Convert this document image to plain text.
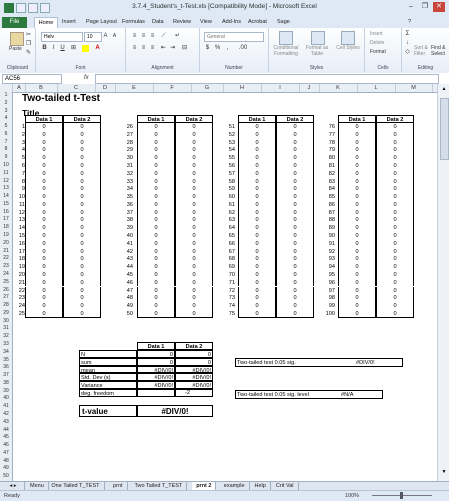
3.7.4_Student's_t-Test.xls [Compatibility Mode] - Microsoft Excel	–	❐	✕
File	Home	Insert Page Layout Formulas Data Review View Add-Ins Acrobat Sage	?
Paste
✂
❐
✎
Clipboard
Helv	10	A	A
B I	U ⊞	A
Font
≡ ≡ ≡ ⟋ ↵
≡ ≡ ≡ ⇤ ⇥ ⊟
Alignment
General
$ %	,	.00
Number
Conditional Formatting
Format as Table
Cell Styles
Styles
Insert
Delete
Format
Cells
Σ
↓
◇
Sort & Filter
Find & Select
Editing
AC56	fx
A	B	C	D	E	F	G	H	I	J	K	L	M
1
2
3
4
5
6
7
8
9
10
11
12
13
14
15
16
17
18
19
20
21
22
23
24
25
26
27
28
29
30
31
32
33
34
35
36
37
38
39
40
41
42
43
44
45
46
47
48
49
50
Two-tailed t-Test
Title
Data 1	Data 2
1	0	0
2	0	0
3	0	0
4	0	0
5	0	0
6	0	0
7	0	0
8	0	0
9	0	0
10	0	0
11	0	0
12	0	0
13	0	0
14	0	0
15	0	0
16	0	0
17	0	0
18	0	0
19	0	0
20	0	0
21	0	0
22	0	0
23	0	0
24	0	0
25	0	0
Data 1	Data 2
26	0	0
27	0	0
28	0	0
29	0	0
30	0	0
31	0	0
32	0	0
33	0	0
34	0	0
35	0	0
36	0	0
37	0	0
38	0	0
39	0	0
40	0	0
41	0	0
42	0	0
43	0	0
44	0	0
45	0	0
46	0	0
47	0	0
48	0	0
49	0	0
50	0	0
Data 1	Data 2
51	0	0
52	0	0
53	0	0
54	0	0
55	0	0
56	0	0
57	0	0
58	0	0
59	0	0
60	0	0
61	0	0
62	0	0
63	0	0
64	0	0
65	0	0
66	0	0
67	0	0
68	0	0
69	0	0
70	0	0
71	0	0
72	0	0
73	0	0
74	0	0
75	0	0
Data 1	Data 2
76	0	0
77	0	0
78	0	0
79	0	0
80	0	0
81	0	0
82	0	0
83	0	0
84	0	0
85	0	0
86	0	0
87	0	0
88	0	0
89	0	0
90	0	0
91	0	0
92	0	0
93	0	0
94	0	0
95	0	0
96	0	0
97	0	0
98	0	0
99	0	0
100	0	0
Data 1	Data 2
N	0	0
sum	0	0
mean	#DIV/0!	#DIV/0!
Std. Dev (s)	#DIV/0!	#DIV/0!
Variance	#DIV/0!	#DIV/0!
deg. freedom	-2
t-value	#DIV/0!
Two-tailed test 0.05 sig.	#DIV/0!
Two-tailed test 0.05 sig. level	#N/A
▲
▼
◂ ▸	Menu	One Tailed T_TEST	prnt	Two Tailed T_TEST	prnt 2	example	Help	Crit Val
Ready	100%
